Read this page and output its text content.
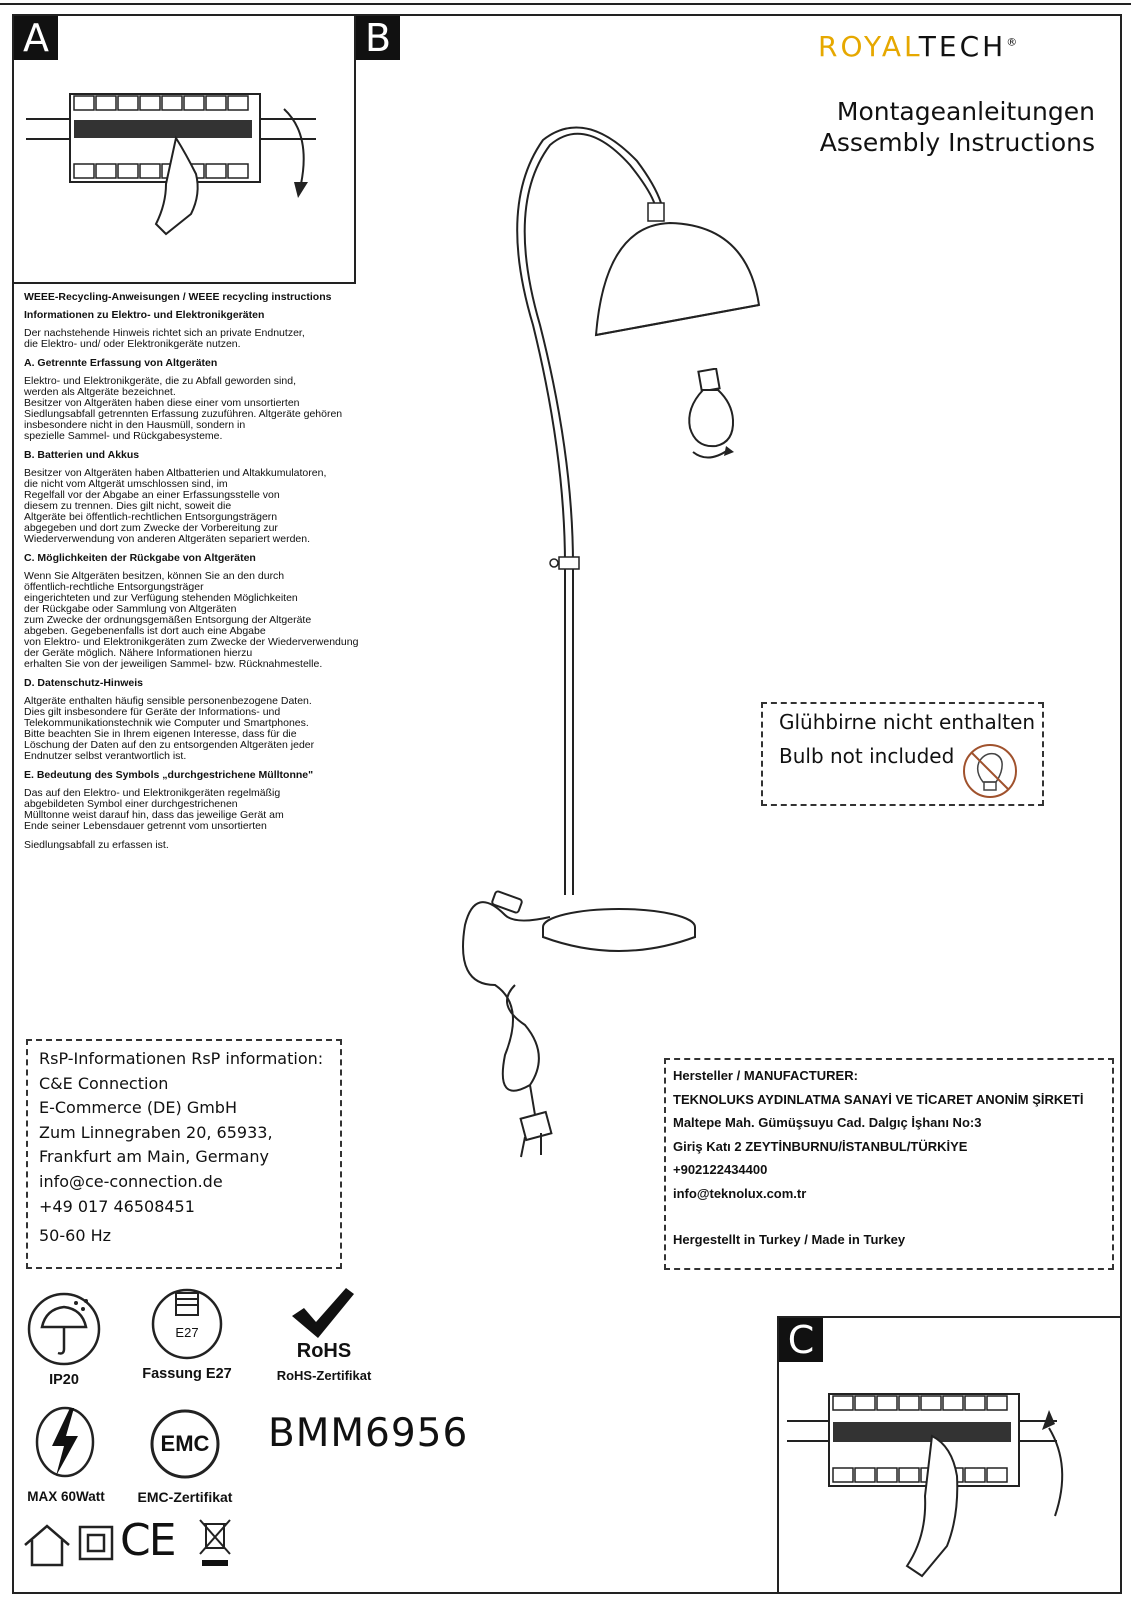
A	B	ROYALTECH®
Montageanleitungen
Assembly Instructions
WEEE-Recycling-Anweisungen / WEEE recycling instructions
Informationen zu Elektro- und Elektronikgeräten
Der nachstehende Hinweis richtet sich an private Endnutzer,
die Elektro- und/ oder Elektronikgeräte nutzen.
A. Getrennte Erfassung von Altgeräten
Elektro- und Elektronikgeräte, die zu Abfall geworden sind,
werden als Altgeräte bezeichnet.
Besitzer von Altgeräten haben diese einer vom unsortierten
Siedlungsabfall getrennten Erfassung zuzuführen. Altgeräte gehören
insbesondere nicht in den Hausmüll, sondern in
spezielle Sammel- und Rückgabesysteme.
B. Batterien und Akkus
Besitzer von Altgeräten haben Altbatterien und Altakkumulatoren,
die nicht vom Altgerät umschlossen sind, im
Regelfall vor der Abgabe an einer Erfassungsstelle von
diesem zu trennen. Dies gilt nicht, soweit die
Altgeräte bei öffentlich-rechtlichen Entsorgungsträgern
abgegeben und dort zum Zwecke der Vorbereitung zur
Wiederverwendung von anderen Altgeräten separiert werden.
C. Möglichkeiten der Rückgabe von Altgeräten
Wenn Sie Altgeräten besitzen, können Sie an den durch
öffentlich-rechtliche Entsorgungsträger
eingerichteten und zur Verfügung stehenden Möglichkeiten
der Rückgabe oder Sammlung von Altgeräten
zum Zwecke der ordnungsgemäßen Entsorgung der Altgeräte
abgeben. Gegebenenfalls ist dort auch eine Abgabe
von Elektro- und Elektronikgeräten zum Zwecke der Wiederverwendung
der Geräte möglich. Nähere Informationen hierzu
erhalten Sie von der jeweiligen Sammel- bzw. Rücknahmestelle.
D. Datenschutz-Hinweis
Altgeräte enthalten häufig sensible personenbezogene Daten.
Dies gilt insbesondere für Geräte der Informations- und
Telekommunikationstechnik wie Computer und Smartphones.
Bitte beachten Sie in Ihrem eigenen Interesse, dass für die
Löschung der Daten auf den zu entsorgenden Altgeräten jeder
Endnutzer selbst verantwortlich ist.
E. Bedeutung des Symbols „durchgestrichene Mülltonne"
Das auf den Elektro- und Elektronikgeräten regelmäßig
abgebildeten Symbol einer durchgestrichenen
Mülltonne weist darauf hin, dass das jeweilige Gerät am
Ende seiner Lebensdauer getrennt vom unsortierten
Siedlungsabfall zu erfassen ist.
Glühbirne nicht enthalten
Bulb not included
RsP-Informationen RsP information:
C&E Connection
E-Commerce (DE) GmbH
Zum Linnegraben 20, 65933,
Frankfurt am Main, Germany
info@ce-connection.de
+49 017 46508451
50-60 Hz
Hersteller / MANUFACTURER:
TEKNOLUKS AYDINLATMA SANAYİ VE TİCARET ANONİM ŞİRKETİ
Maltepe Mah. Gümüşsuyu Cad. Dalgıç İşhanı No:3
Giriş Katı 2 ZEYTİNBURNU/İSTANBUL/TÜRKİYE
+902122434400
info@teknolux.com.tr
Hergestellt in Turkey / Made in Turkey
C
IP20
E27
Fassung E27
RoHS
RoHS-Zertifikat
MAX 60Watt
EMC
EMC-Zertifikat
BMM6956
CE
